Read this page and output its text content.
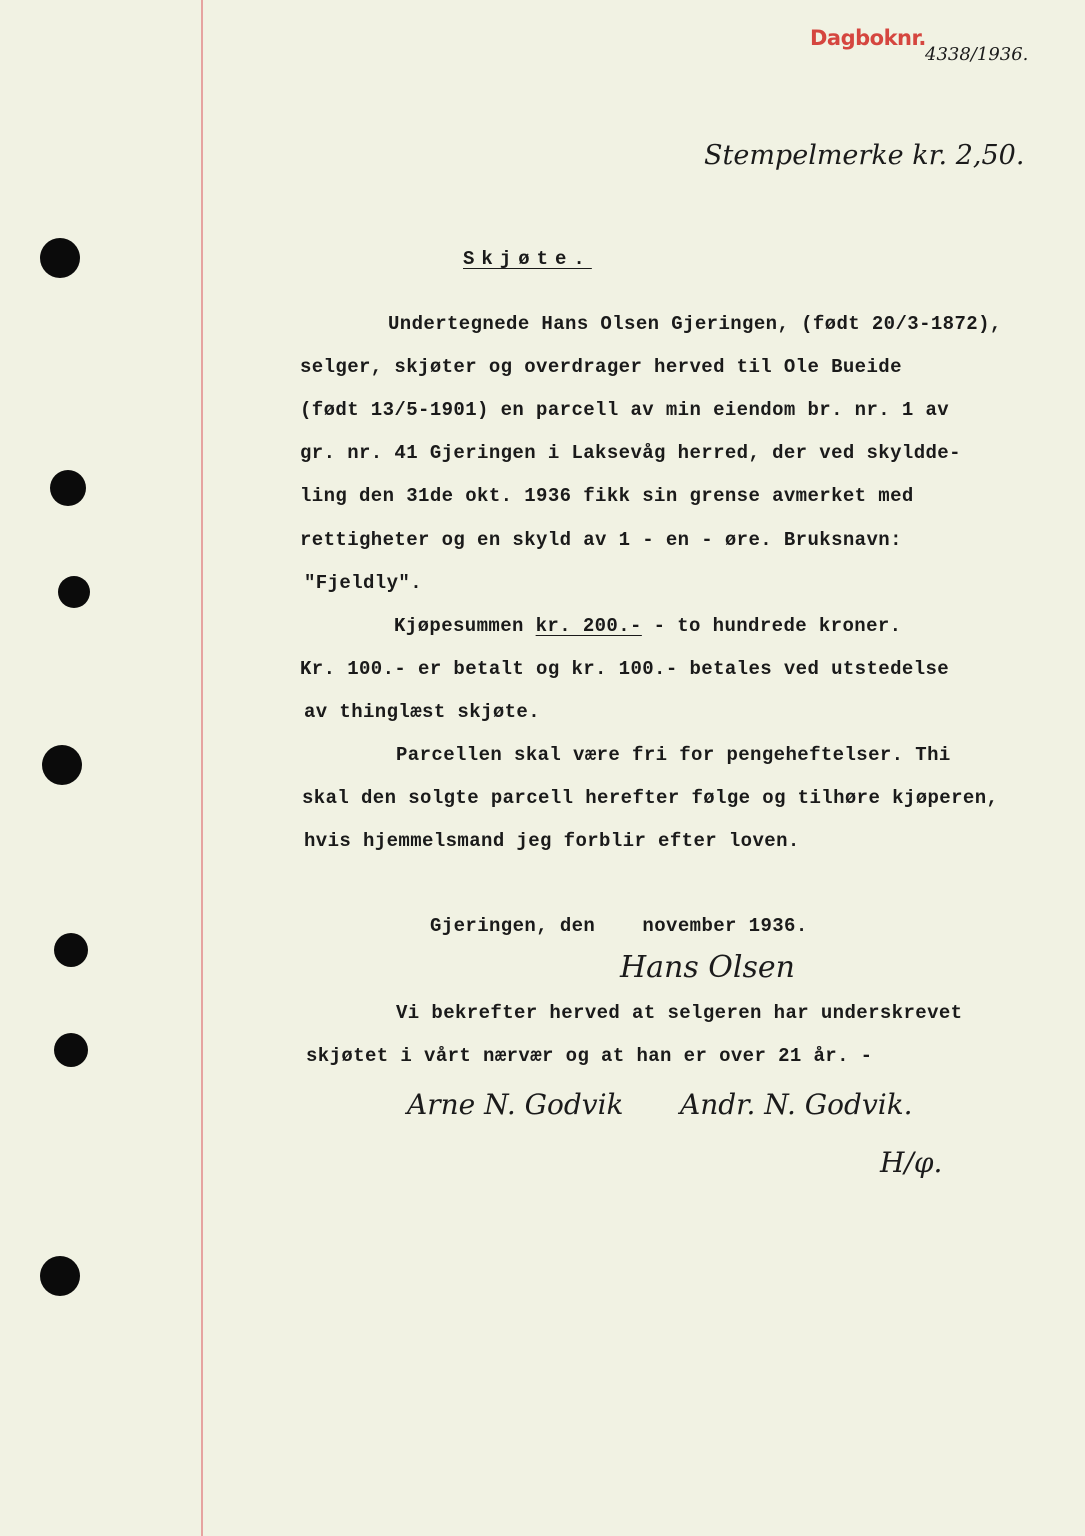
Dagboknr.
4338/1936.
Stempelmerke kr. 2,50.
Skjøte.
Undertegnede Hans Olsen Gjeringen, (født 20/3-1872),
selger, skjøter og overdrager herved til Ole Bueide
(født 13/5-1901) en parcell av min eiendom br. nr. 1 av
gr. nr. 41 Gjeringen i Laksevåg herred, der ved skyldde-
ling den 31de okt. 1936 fikk sin grense avmerket med
rettigheter og en skyld av 1 - en - øre. Bruksnavn:
"Fjeldly".
Kjøpesummen kr. 200.- - to hundrede kroner.
Kr. 100.- er betalt og kr. 100.- betales ved utstedelse
av thinglæst skjøte.
Parcellen skal være fri for pengeheftelser. Thi
skal den solgte parcell herefter følge og tilhøre kjøperen,
hvis hjemmelsmand jeg forblir efter loven.
Gjeringen, den    november 1936.
Hans Olsen
Vi bekrefter herved at selgeren har underskrevet
skjøtet i vårt nærvær og at han er over 21 år. -
Arne N. Godvik Andr. N. Godvik.
H/φ.
